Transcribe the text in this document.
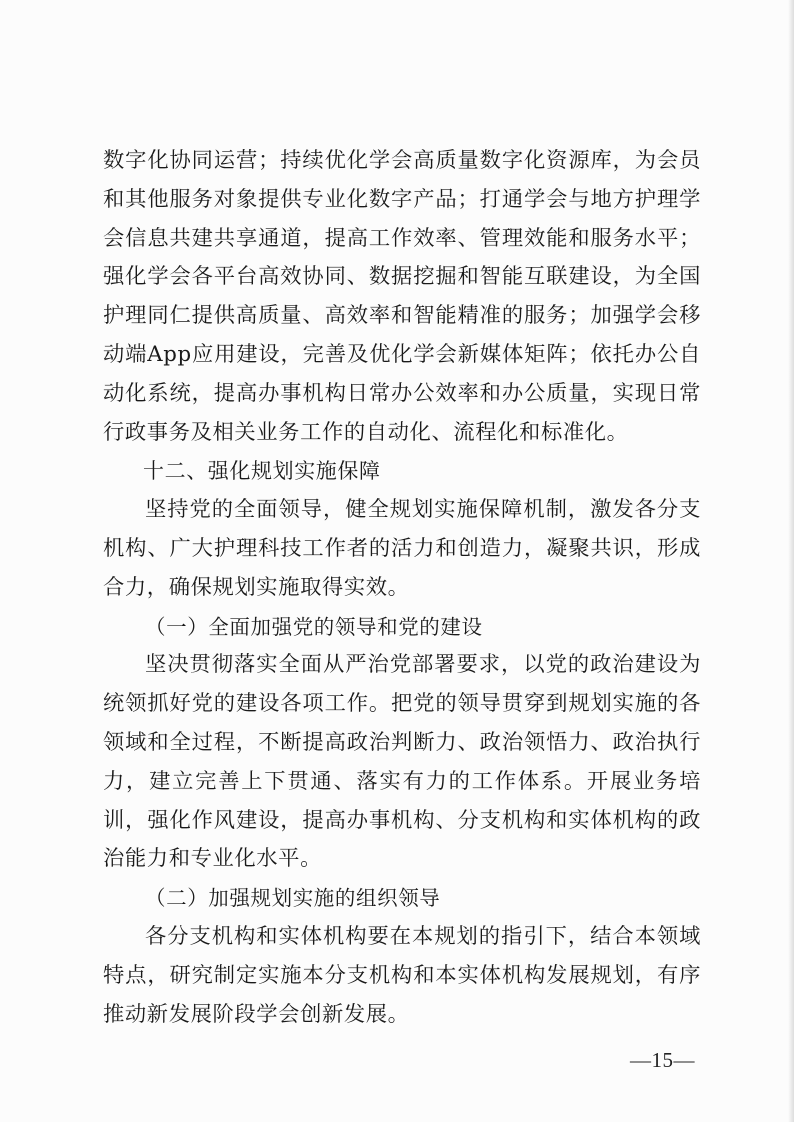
数字化协同运营；持续优化学会高质量数字化资源库，为会员和其他服务对象提供专业化数字产品；打通学会与地方护理学会信息共建共享通道，提高工作效率、管理效能和服务水平；强化学会各平台高效协同、数据挖掘和智能互联建设，为全国护理同仁提供高质量、高效率和智能精准的服务；加强学会移动端App应用建设，完善及优化学会新媒体矩阵；依托办公自动化系统，提高办事机构日常办公效率和办公质量，实现日常行政事务及相关业务工作的自动化、流程化和标准化。

十二、强化规划实施保障

坚持党的全面领导，健全规划实施保障机制，激发各分支机构、广大护理科技工作者的活力和创造力，凝聚共识，形成合力，确保规划实施取得实效。

（一）全面加强党的领导和党的建设

坚决贯彻落实全面从严治党部署要求，以党的政治建设为统领抓好党的建设各项工作。把党的领导贯穿到规划实施的各领域和全过程，不断提高政治判断力、政治领悟力、政治执行力，建立完善上下贯通、落实有力的工作体系。开展业务培训，强化作风建设，提高办事机构、分支机构和实体机构的政治能力和专业化水平。

（二）加强规划实施的组织领导

各分支机构和实体机构要在本规划的指引下，结合本领域特点，研究制定实施本分支机构和本实体机构发展规划，有序推动新发展阶段学会创新发展。

—15—
